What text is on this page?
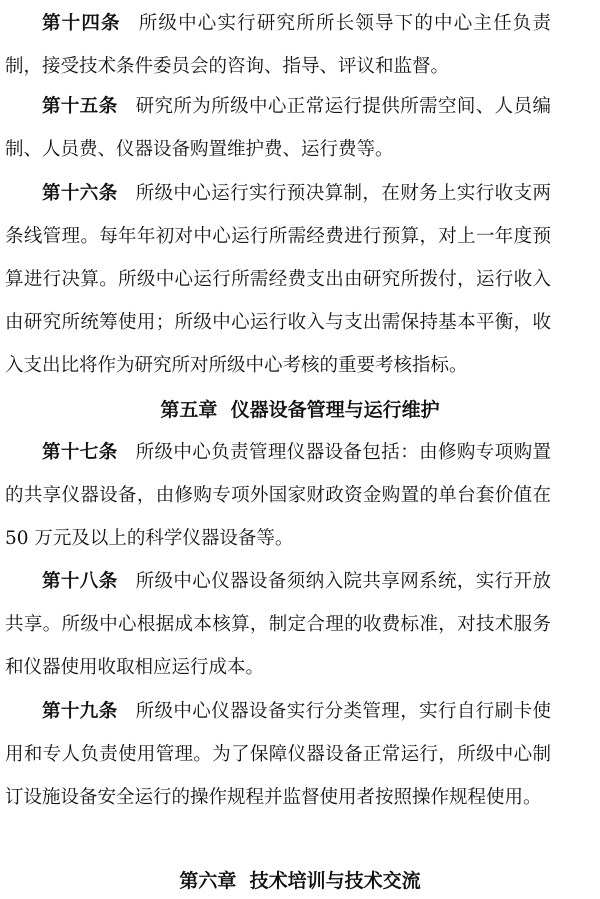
第十四条 所级中心实行研究所所长领导下的中心主任负责制，接受技术条件委员会的咨询、指导、评议和监督。

第十五条 研究所为所级中心正常运行提供所需空间、人员编制、人员费、仪器设备购置维护费、运行费等。

第十六条 所级中心运行实行预决算制，在财务上实行收支两条线管理。每年年初对中心运行所需经费进行预算，对上一年度预算进行决算。所级中心运行所需经费支出由研究所拨付，运行收入由研究所统筹使用；所级中心运行收入与支出需保持基本平衡，收入支出比将作为研究所对所级中心考核的重要考核指标。

第五章 仪器设备管理与运行维护

第十七条 所级中心负责管理仪器设备包括：由修购专项购置的共享仪器设备，由修购专项外国家财政资金购置的单台套价值在 50 万元及以上的科学仪器设备等。

第十八条 所级中心仪器设备须纳入院共享网系统，实行开放共享。所级中心根据成本核算，制定合理的收费标准，对技术服务和仪器使用收取相应运行成本。

第十九条 所级中心仪器设备实行分类管理，实行自行刷卡使用和专人负责使用管理。为了保障仪器设备正常运行，所级中心制订设施设备安全运行的操作规程并监督使用者按照操作规程使用。

第六章 技术培训与技术交流
